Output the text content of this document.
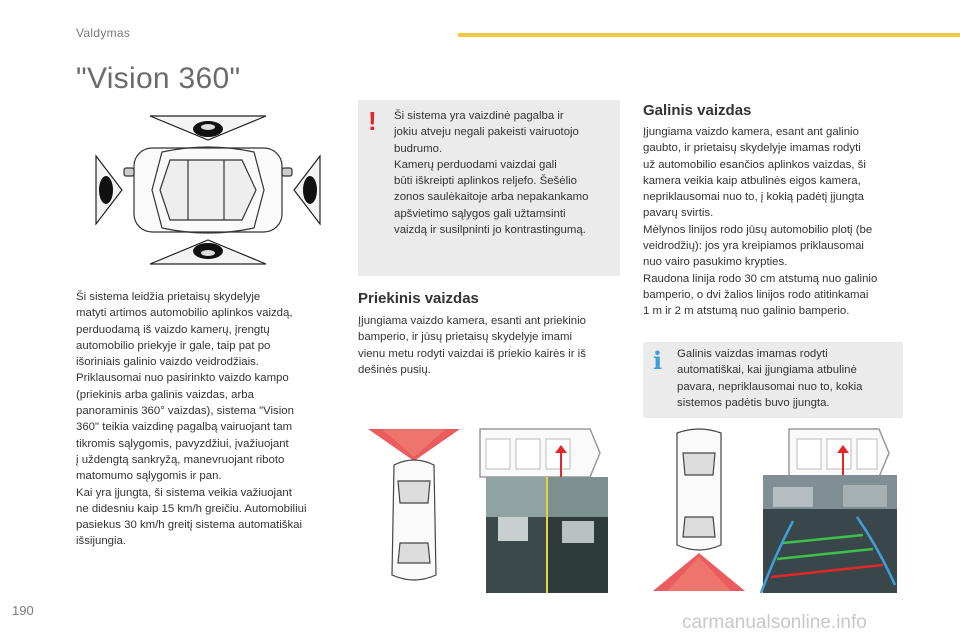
Valdymas
"Vision 360"
Ši sistema leidžia prietaisų skydelyje
matyti artimos automobilio aplinkos vaizdą,
perduodamą iš vaizdo kamerų, įrengtų
automobilio priekyje ir gale, taip pat po
išoriniais galinio vaizdo veidrodžiais.
Priklausomai nuo pasirinkto vaizdo kampo
(priekinis arba galinis vaizdas, arba
panoraminis 360° vaizdas), sistema "Vision
360" teikia vaizdinę pagalbą vairuojant tam
tikromis sąlygomis, pavyzdžiui, įvažiuojant
į uždengtą sankryžą, manevruojant riboto
matomumo sąlygomis ir pan.
Kai yra įjungta, ši sistema veikia važiuojant
ne didesniu kaip 15 km/h greičiu. Automobiliui
pasiekus 30 km/h greitį sistema automatiškai
išsijungia.
! Ši sistema yra vaizdinė pagalba ir
jokiu atveju negali pakeisti vairuotojo
budrumo.
Kamerų perduodami vaizdai gali
būti iškreipti aplinkos reljefo. Šešėlio
zonos saulėkaitoje arba nepakankamo
apšvietimo sąlygos gali užtamsinti
vaizdą ir susilpninti jo kontrastingumą.
Priekinis vaizdas
Įjungiama vaizdo kamera, esanti ant priekinio
bamperio, ir jūsų prietaisų skydelyje imami
vienu metu rodyti vaizdai iš priekio kairės ir iš
dešinės pusių.
Galinis vaizdas
Įjungiama vaizdo kamera, esant ant galinio
gaubto, ir prietaisų skydelyje imamas rodyti
už automobilio esančios aplinkos vaizdas, ši
kamera veikia kaip atbulinės eigos kamera,
nepriklausomai nuo to, į kokią padėtį įjungta
pavarų svirtis.
Mėlynos linijos rodo jūsų automobilio plotį (be
veidrodžių): jos yra kreipiamos priklausomai
nuo vairo pasukimo krypties.
Raudona linija rodo 30 cm atstumą nuo galinio
bamperio, o dvi žalios linijos rodo atitinkamai
1 m ir 2 m atstumą nuo galinio bamperio.
i Galinis vaizdas imamas rodyti
automatiškai, kai įjungiama atbulinė
pavara, nepriklausomai nuo to, kokia
sistemos padėtis buvo įjungta.
190
carmanualsonline.info
